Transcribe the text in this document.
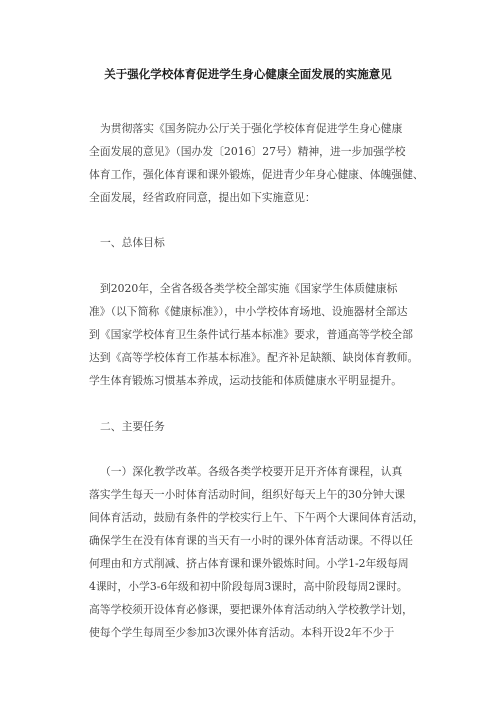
关于强化学校体育促进学生身心健康全面发展的实施意见
为贯彻落实《国务院办公厅关于强化学校体育促进学生身心健康
全面发展的意见》（国办发〔2016〕27号）精神，进一步加强学校
体育工作，强化体育课和课外锻炼，促进青少年身心健康、体魄强健、
全面发展，经省政府同意，提出如下实施意见：
一、总体目标
到2020年，全省各级各类学校全部实施《国家学生体质健康标
准》（以下简称《健康标准》），中小学校体育场地、设施器材全部达
到《国家学校体育卫生条件试行基本标准》要求，普通高等学校全部
达到《高等学校体育工作基本标准》。配齐补足缺额、缺岗体育教师。
学生体育锻炼习惯基本养成，运动技能和体质健康水平明显提升。
二、主要任务
（一）深化教学改革。各级各类学校要开足开齐体育课程，认真
落实学生每天一小时体育活动时间，组织好每天上午的30分钟大课
间体育活动，鼓励有条件的学校实行上午、下午两个大课间体育活动，
确保学生在没有体育课的当天有一小时的课外体育活动课。不得以任
何理由和方式削减、挤占体育课和课外锻炼时间。小学1-2年级每周
4课时，小学3-6年级和初中阶段每周3课时，高中阶段每周2课时。
高等学校须开设体育必修课，要把课外体育活动纳入学校教学计划，
使每个学生每周至少参加3次课外体育活动。本科开设2年不少于
